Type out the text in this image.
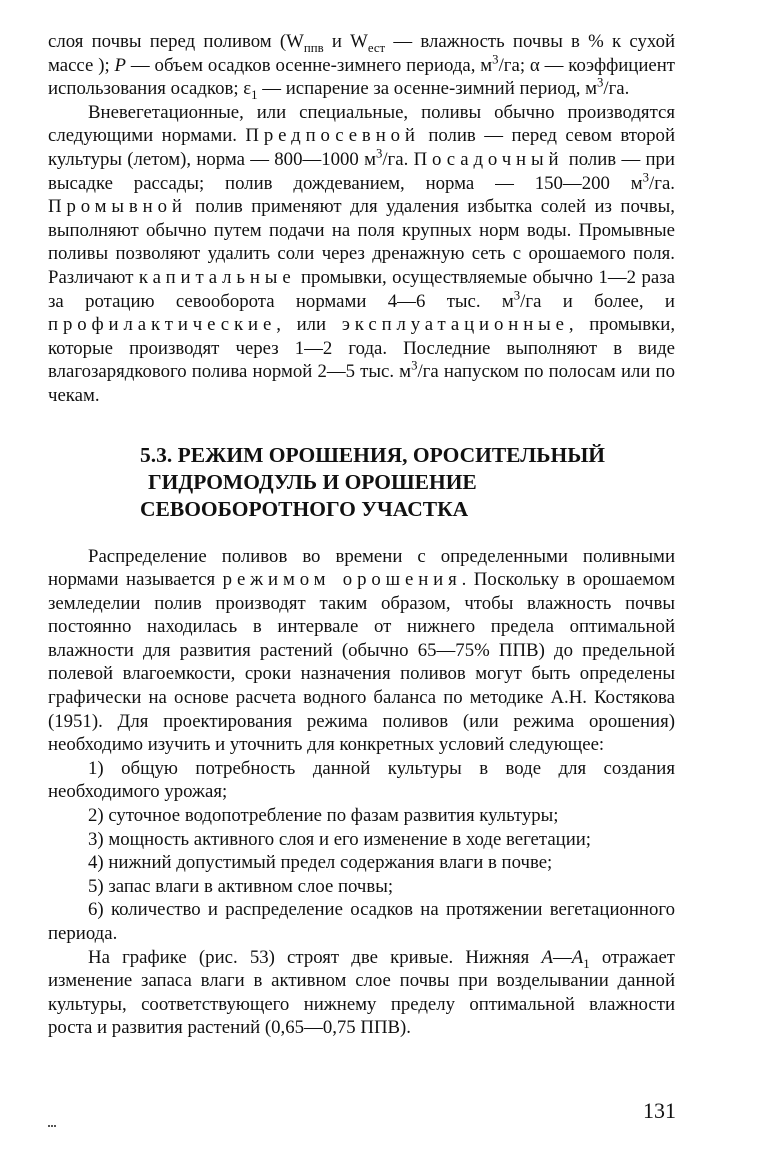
слоя почвы перед поливом ($W_{ппв}$ и $W_{ест}$ — влажность почвы в % к сухой массе ); P — объем осадков осенне-зимнего периода, $м^3/га$; α — коэффициент использования осадков; $\varepsilon_1$ — испарение за осенне-зимний период, $м^3/га$.

Вневегетационные, или специальные, поливы обычно производятся следующими нормами. Предпосевной полив — перед севом второй культуры (летом), норма — 800—1000 $м^3/га$. Посадочный полив — при высадке рассады; полив дождеванием, норма — 150—200 $м^3/га$. Промывной полив применяют для удаления избытка солей из почвы, выполняют обычно путем подачи на поля крупных норм воды. Промывные поливы позволяют удалить соли через дренажную сеть с орошаемого поля. Различают капитальные промывки, осуществляемые обычно 1—2 раза за ротацию севооборота нормами 4—6 тыс. $м^3/га$ и более, и профилактические, или эксплуатационные, промывки, которые производят через 1—2 года. Последние выполняют в виде влагозарядкового полива нормой 2—5 тыс. $м^3/га$ напуском по полосам или по чекам.

5.3. РЕЖИМ ОРОШЕНИЯ, ОРОСИТЕЛЬНЫЙ
ГИДРОМОДУЛЬ И ОРОШЕНИЕ
СЕВООБОРОТНОГО УЧАСТКА

Распределение поливов во времени с определенными поливными нормами называется режимом орошения. Поскольку в орошаемом земледелии полив производят таким образом, чтобы влажность почвы постоянно находилась в интервале от нижнего предела оптимальной влажности для развития растений (обычно 65—75% ППВ) до предельной полевой влагоемкости, сроки назначения поливов могут быть определены графически на основе расчета водного баланса по методике А.Н. Костякова (1951). Для проектирования режима поливов (или режима орошения) необходимо изучить и уточнить для конкретных условий следующее:

1) общую потребность данной культуры в воде для создания необходимого урожая;

2) суточное водопотребление по фазам развития культуры;

3) мощность активного слоя и его изменение в ходе вегетации;

4) нижний допустимый предел содержания влаги в почве;

5) запас влаги в активном слое почвы;

6) количество и распределение осадков на протяжении вегетационного периода.

На графике (рис. 53) строят две кривые. Нижняя $A—A_1$ отражает изменение запаса влаги в активном слое почвы при возделывании данной культуры, соответствующего нижнему пределу оптимальной влажности роста и развития растений (0,65—0,75 ППВ).

131
